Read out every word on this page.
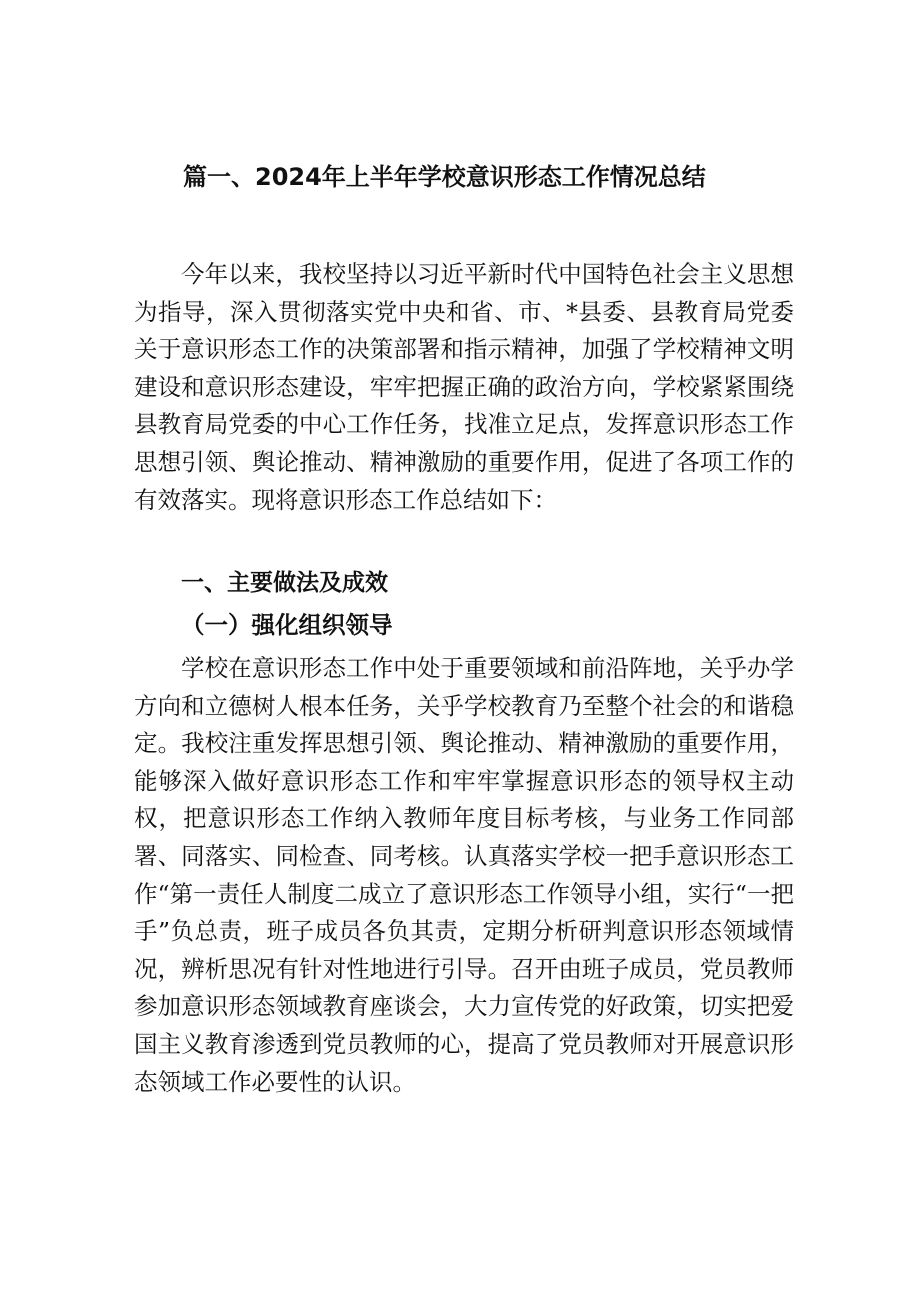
篇一、2024年上半年学校意识形态工作情况总结

今年以来，我校坚持以习近平新时代中国特色社会主义思想为指导，深入贯彻落实党中央和省、市、*县委、县教育局党委关于意识形态工作的决策部署和指示精神，加强了学校精神文明建设和意识形态建设，牢牢把握正确的政治方向，学校紧紧围绕县教育局党委的中心工作任务，找准立足点，发挥意识形态工作思想引领、舆论推动、精神激励的重要作用，促进了各项工作的有效落实。现将意识形态工作总结如下：

一、主要做法及成效
（一）强化组织领导

学校在意识形态工作中处于重要领域和前沿阵地，关乎办学方向和立德树人根本任务，关乎学校教育乃至整个社会的和谐稳定。我校注重发挥思想引领、舆论推动、精神激励的重要作用，能够深入做好意识形态工作和牢牢掌握意识形态的领导权主动权，把意识形态工作纳入教师年度目标考核，与业务工作同部署、同落实、同检查、同考核。认真落实学校一把手意识形态工作“第一责任人制度二成立了意识形态工作领导小组，实行“一把手”负总责，班子成员各负其责，定期分析研判意识形态领域情况，辨析思况有针对性地进行引导。召开由班子成员，党员教师参加意识形态领域教育座谈会，大力宣传党的好政策，切实把爱国主义教育渗透到党员教师的心，提高了党员教师对开展意识形态领域工作必要性的认识。
